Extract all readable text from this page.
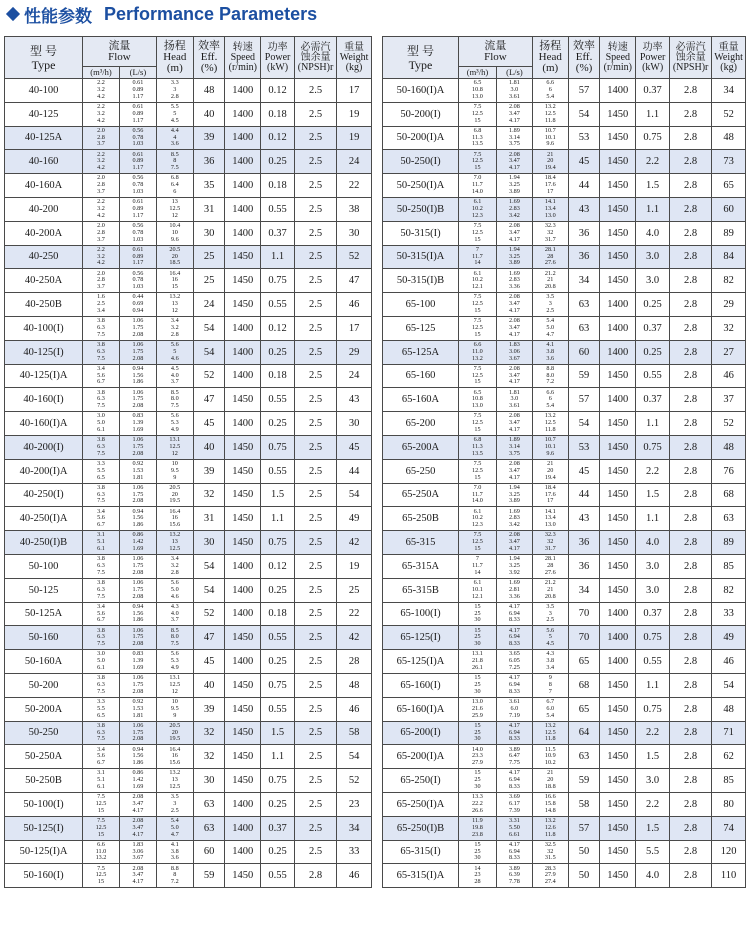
性能参数 Performance Parameters
型 号
Type	流量
Flow		扬程
Head
(m)	效率
Eff.
(%)	转速
Speed
(r/min)	功率
Power
(kW)	必需汽
蚀余量
(NPSH)r	重量
Weight
(kg)
	(m³/h)	(L/s)						
40-100	2.2
3.2
4.2	0.61
0.89
1.17	3.3
3
2.8	48	1400	0.12	2.5	17
40-125	2.2
3.2
4.2	0.61
0.89
1.17	5.5
5
4.5	40	1400	0.18	2.5	19
40-125A	2.0
2.8
3.7	0.56
0.78
1.03	4.4
4
3.6	39	1400	0.12	2.5	19
40-160	2.2
3.2
4.2	0.61
0.89
1.17	8.5
8
7.5	36	1400	0.25	2.5	24
40-160A	2.0
2.8
3.7	0.56
0.78
1.03	6.8
6.4
6	35	1400	0.18	2.5	22
40-200	2.2
3.2
4.2	0.61
0.89
1.17	13
12.5
12	31	1400	0.55	2.5	38
40-200A	2.0
2.8
3.7	0.56
0.78
1.03	10.4
10
9.6	30	1400	0.37	2.5	30
40-250	2.2
3.2
4.2	0.61
0.89
1.17	20.5
20
18.5	25	1450	1.1	2.5	52
40-250A	2.0
2.8
3.7	0.56
0.78
1.03	16.4
16
15	25	1450	0.75	2.5	47
40-250B	1.6
2.5
3.4	0.44
0.69
0.94	13.2
13
12	24	1450	0.55	2.5	46
40-100(I)	3.8
6.3
7.5	1.06
1.75
2.08	3.4
3.2
2.8	54	1400	0.12	2.5	17
40-125(I)	3.8
6.3
7.5	1.06
1.75
2.08	5.6
5
4.6	54	1400	0.25	2.5	29
40-125(I)A	3.4
5.6
6.7	0.94
1.56
1.86	4.5
4.0
3.7	52	1400	0.18	2.5	24
40-160(I)	3.8
6.3
7.5	1.06
1.75
2.08	8.5
8.0
7.5	47	1450	0.55	2.5	43
40-160(I)A	3.0
5.0
6.1	0.83
1.39
1.69	5.6
5.3
4.9	45	1400	0.25	2.5	30
40-200(I)	3.8
6.3
7.5	1.06
1.75
2.08	13.1
12.5
12	40	1450	0.75	2.5	45
40-200(I)A	3.3
5.5
6.5	0.92
1.53
1.81	10
9.5
9	39	1450	0.55	2.5	44
40-250(I)	3.8
6.3
7.5	1.06
1.75
2.08	20.5
20
19.5	32	1450	1.5	2.5	54
40-250(I)A	3.4
5.6
6.7	0.94
1.56
1.86	16.4
16
15.6	31	1450	1.1	2.5	49
40-250(I)B	3.1
5.1
6.1	0.86
1.42
1.69	13.2
13
12.5	30	1450	0.75	2.5	42
50-100	3.8
6.3
7.5	1.06
1.75
2.08	3.4
3.2
2.8	54	1400	0.12	2.5	19
50-125	3.8
6.3
7.5	1.06
1.75
2.08	5.6
5.0
4.6	54	1400	0.25	2.5	25
50-125A	3.4
5.6
6.7	0.94
1.56
1.86	4.3
4.0
3.7	52	1400	0.18	2.5	22
50-160	3.8
6.3
7.5	1.06
1.75
2.08	8.5
8.0
7.5	47	1450	0.55	2.5	42
50-160A	3.0
5.0
6.1	0.83
1.39
1.69	5.6
5.3
4.9	45	1400	0.25	2.5	28
50-200	3.8
6.3
7.5	1.06
1.75
2.08	13.1
12.5
12	40	1450	0.75	2.5	48
50-200A	3.3
5.5
6.5	0.92
1.53
1.81	10
9.5
9	39	1450	0.55	2.5	46
50-250	3.8
6.3
7.5	1.06
1.75
2.08	20.5
20
19.5	32	1450	1.5	2.5	58
50-250A	3.4
5.6
6.7	0.94
1.56
1.86	16.4
16
15.6	32	1450	1.1	2.5	54
50-250B	3.1
5.1
6.1	0.86
1.42
1.69	13.2
13
12.5	30	1450	0.75	2.5	52
50-100(I)	7.5
12.5
15	2.08
3.47
4.17	3.5
3
2.5	63	1400	0.25	2.5	23
50-125(I)	7.5
12.5
15	2.08
3.47
4.17	5.4
5.0
4.7	63	1400	0.37	2.5	34
50-125(I)A	6.6
11.0
13.2	1.83
3.06
3.67	4.1
3.8
3.6	60	1400	0.25	2.5	33
50-160(I)	7.5
12.5
15	2.08
3.47
4.17	8.8
8
7.2	59	1450	0.55	2.8	46
型 号
Type	流量
Flow		扬程
Head
(m)	效率
Eff.
(%)	转速
Speed
(r/min)	功率
Power
(kW)	必需汽
蚀余量
(NPSH)r	重量
Weight
(kg)
	(m³/h)	(L/s)						
50-160(I)A	6.5
10.8
13.0	1.81
3.0
3.61	6.6
6
5.4	57	1400	0.37	2.8	34
50-200(I)	7.5
12.5
15	2.08
3.47
4.17	13.2
12.5
11.8	54	1450	1.1	2.8	52
50-200(I)A	6.8
11.3
13.5	1.89
3.14
3.75	10.7
10.1
9.6	53	1450	0.75	2.8	48
50-250(I)	7.5
12.5
15	2.08
3.47
4.17	21
20
19.4	45	1450	2.2	2.8	73
50-250(I)A	7.0
11.7
14.0	1.94
3.25
3.89	18.4
17.6
17	44	1450	1.5	2.8	65
50-250(I)B	6.1
10.2
12.3	1.69
2.83
3.42	14.1
13.4
13.0	43	1450	1.1	2.8	60
50-315(I)	7.5
12.5
15	2.08
3.47
4.17	32.3
32
31.7	36	1450	4.0	2.8	89
50-315(I)A	7
11.7
14	1.94
3.25
3.89	28.1
28
27.6	36	1450	3.0	2.8	84
50-315(I)B	6.1
10.2
12.1	1.69
2.83
3.36	21.2
21
20.8	34	1450	3.0	2.8	82
65-100	7.5
12.5
15	2.08
3.47
4.17	3.5
3
2.5	63	1400	0.25	2.8	29
65-125	7.5
12.5
15	2.08
3.47
4.17	5.4
5.0
4.7	63	1400	0.37	2.8	32
65-125A	6.6
11.0
13.2	1.83
3.06
3.67	4.1
3.8
3.6	60	1400	0.25	2.8	27
65-160	7.5
12.5
15	2.08
3.47
4.17	8.8
8.0
7.2	59	1450	0.55	2.8	46
65-160A	6.5
10.8
13.0	1.81
3.0
3.61	6.6
6
5.4	57	1400	0.37	2.8	37
65-200	7.5
12.5
15	2.08
3.47
4.17	13.2
12.5
11.8	54	1450	1.1	2.8	52
65-200A	6.8
11.3
13.5	1.89
3.14
3.75	10.7
10.1
9.6	53	1450	0.75	2.8	48
65-250	7.5
12.5
15	2.08
3.47
4.17	21
20
19.4	45	1450	2.2	2.8	76
65-250A	7.0
11.7
14.0	1.94
3.25
3.89	18.4
17.6
17	44	1450	1.5	2.8	68
65-250B	6.1
10.2
12.3	1.69
2.83
3.42	14.1
13.4
13.0	43	1450	1.1	2.8	63
65-315	7.5
12.5
15	2.08
3.47
4.17	32.3
32
31.7	36	1450	4.0	2.8	89
65-315A	7
11.7
14	1.94
3.25
3.92	28.1
28
27.6	36	1450	3.0	2.8	85
65-315B	6.1
10.1
12.1	1.69
2.81
3.36	21.2
21
20.8	34	1450	3.0	2.8	82
65-100(I)	15
25
30	4.17
6.94
8.33	3.5
3
2.5	70	1400	0.37	2.8	33
65-125(I)	15
25
30	4.17
6.94
8.33	5.6
5
4.5	70	1400	0.75	2.8	49
65-125(I)A	13.1
21.8
26.1	3.65
6.05
7.25	4.3
3.8
3.4	65	1400	0.55	2.8	46
65-160(I)	15
25
30	4.17
6.94
8.33	9
8
7	68	1450	1.1	2.8	54
65-160(I)A	13.0
21.6
25.9	3.61
6.0
7.19	6.7
6.0
5.4	65	1450	0.75	2.8	48
65-200(I)	15
25
30	4.17
6.94
8.33	13.2
12.5
11.8	64	1450	2.2	2.8	71
65-200(I)A	14.0
23.3
27.9	3.89
6.47
7.75	11.5
10.9
10.2	63	1450	1.5	2.8	62
65-250(I)	15
25
30	4.17
6.94
8.33	21
20
18.8	59	1450	3.0	2.8	85
65-250(I)A	13.3
22.2
26.6	3.69
6.17
7.39	16.6
15.8
14.8	58	1450	2.2	2.8	80
65-250(I)B	11.9
19.8
23.8	3.31
5.50
6.61	13.2
12.6
11.8	57	1450	1.5	2.8	74
65-315(I)	15
25
30	4.17
6.94
8.33	32.5
32
31.5	50	1450	5.5	2.8	120
65-315(I)A	14
23
28	3.89
6.39
7.78	28.3
27.9
27.4	50	1450	4.0	2.8	110
